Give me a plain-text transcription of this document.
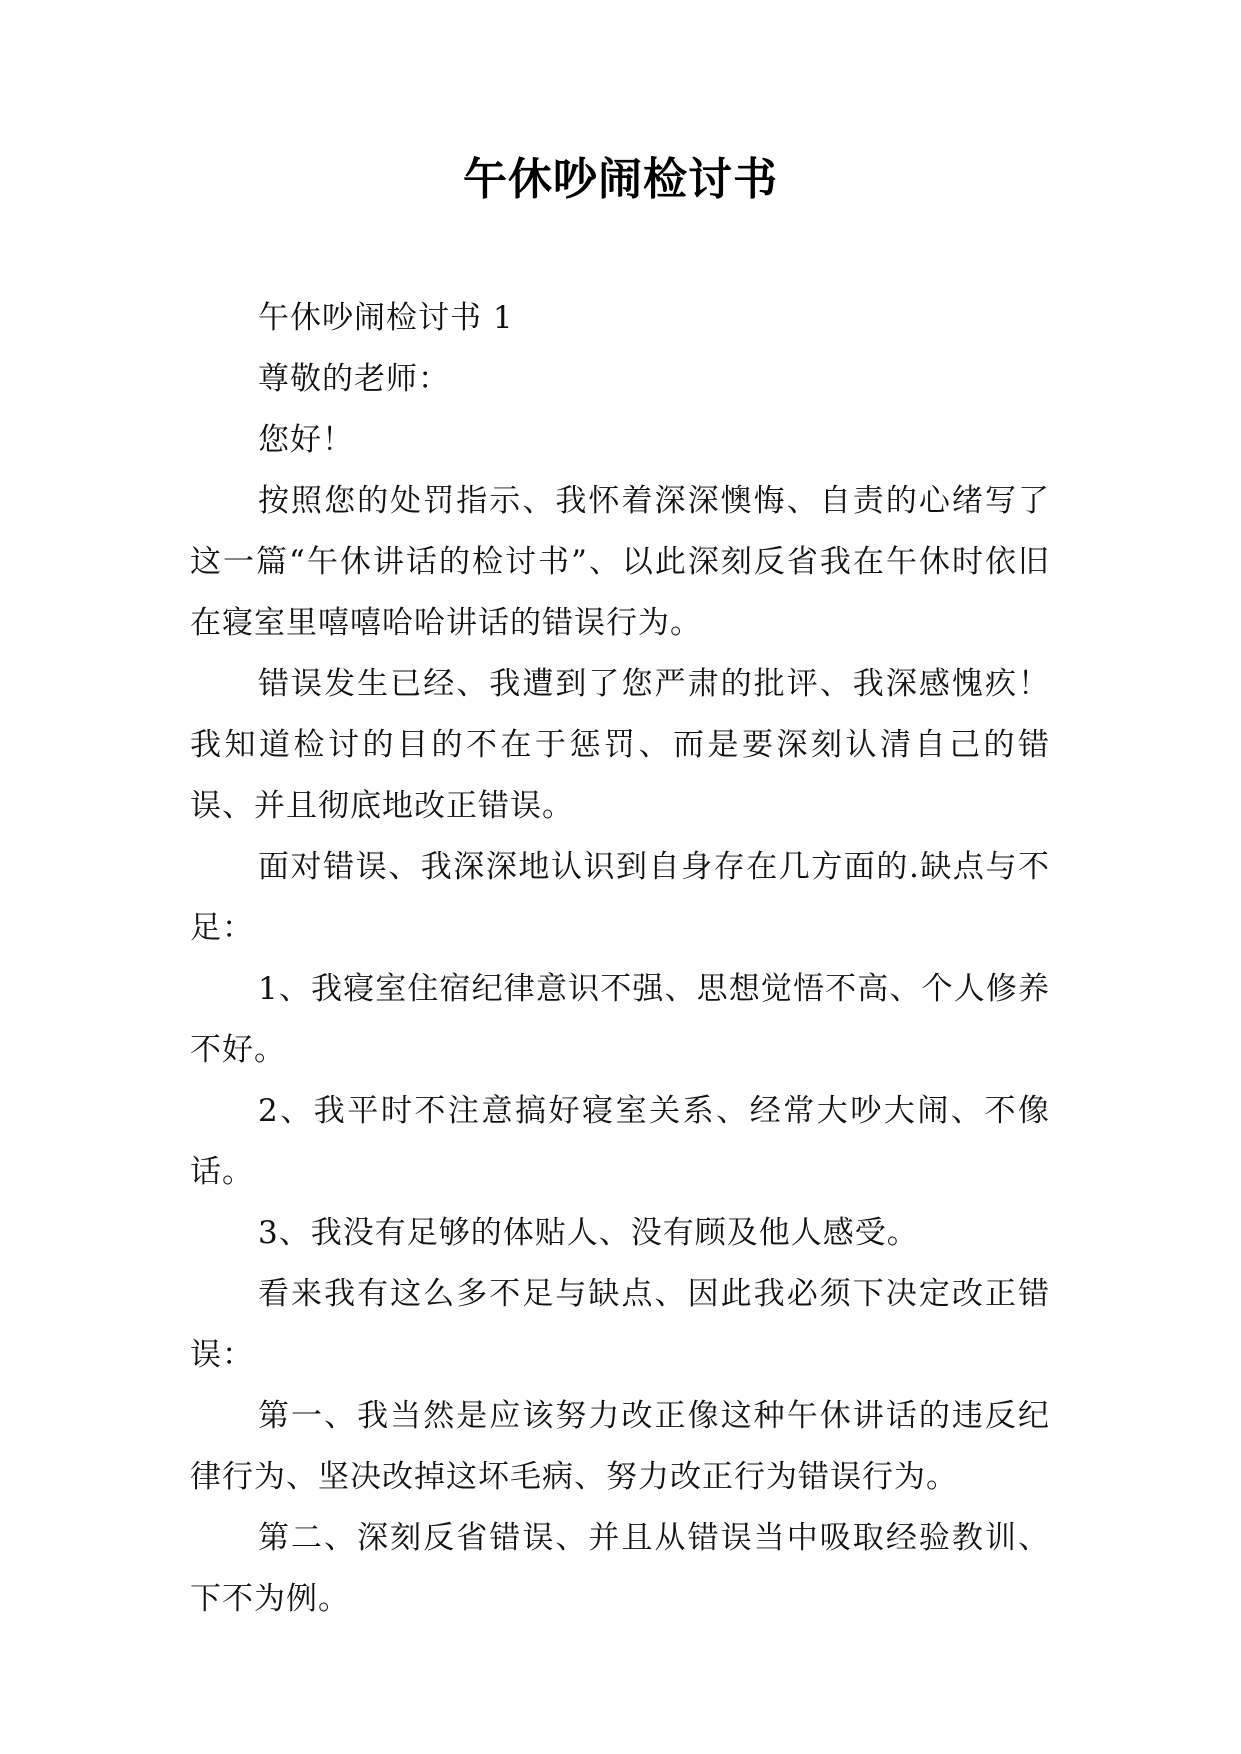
午休吵闹检讨书

午休吵闹检讨书 1

尊敬的老师：

您好！

按照您的处罚指示、我怀着深深懊悔、自责的心绪写了这一篇“午休讲话的检讨书”、以此深刻反省我在午休时依旧在寝室里嘻嘻哈哈讲话的错误行为。

错误发生已经、我遭到了您严肃的批评、我深感愧疚！我知道检讨的目的不在于惩罚、而是要深刻认清自己的错误、并且彻底地改正错误。

面对错误、我深深地认识到自身存在几方面的.缺点与不足：

1、我寝室住宿纪律意识不强、思想觉悟不高、个人修养不好。

2、我平时不注意搞好寝室关系、经常大吵大闹、不像话。

3、我没有足够的体贴人、没有顾及他人感受。

看来我有这么多不足与缺点、因此我必须下决定改正错误：

第一、我当然是应该努力改正像这种午休讲话的违反纪律行为、坚决改掉这坏毛病、努力改正行为错误行为。

第二、深刻反省错误、并且从错误当中吸取经验教训、下不为例。
